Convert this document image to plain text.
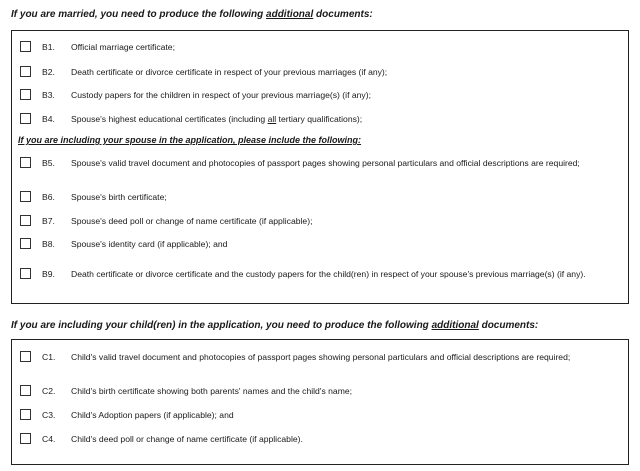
If you are married, you need to produce the following additional documents:
B1. Official marriage certificate;
B2. Death certificate or divorce certificate in respect of your previous marriages (if any);
B3. Custody papers for the children in respect of your previous marriage(s) (if any);
B4. Spouse's highest educational certificates (including all tertiary qualifications);
If you are including your spouse in the application, please include the following:
B5. Spouse's valid travel document and photocopies of passport pages showing personal particulars and official descriptions are required;
B6. Spouse's birth certificate;
B7. Spouse's deed poll or change of name certificate (if applicable);
B8. Spouse's identity card (if applicable); and
B9. Death certificate or divorce certificate and the custody papers for the child(ren) in respect of your spouse's previous marriage(s) (if any).
If you are including your child(ren) in the application, you need to produce the following additional documents:
C1. Child's valid travel document and photocopies of passport pages showing personal particulars and official descriptions are required;
C2. Child's birth certificate showing both parents' names and the child's name;
C3. Child's Adoption papers (if applicable); and
C4. Child's deed poll or change of name certificate (if applicable).
